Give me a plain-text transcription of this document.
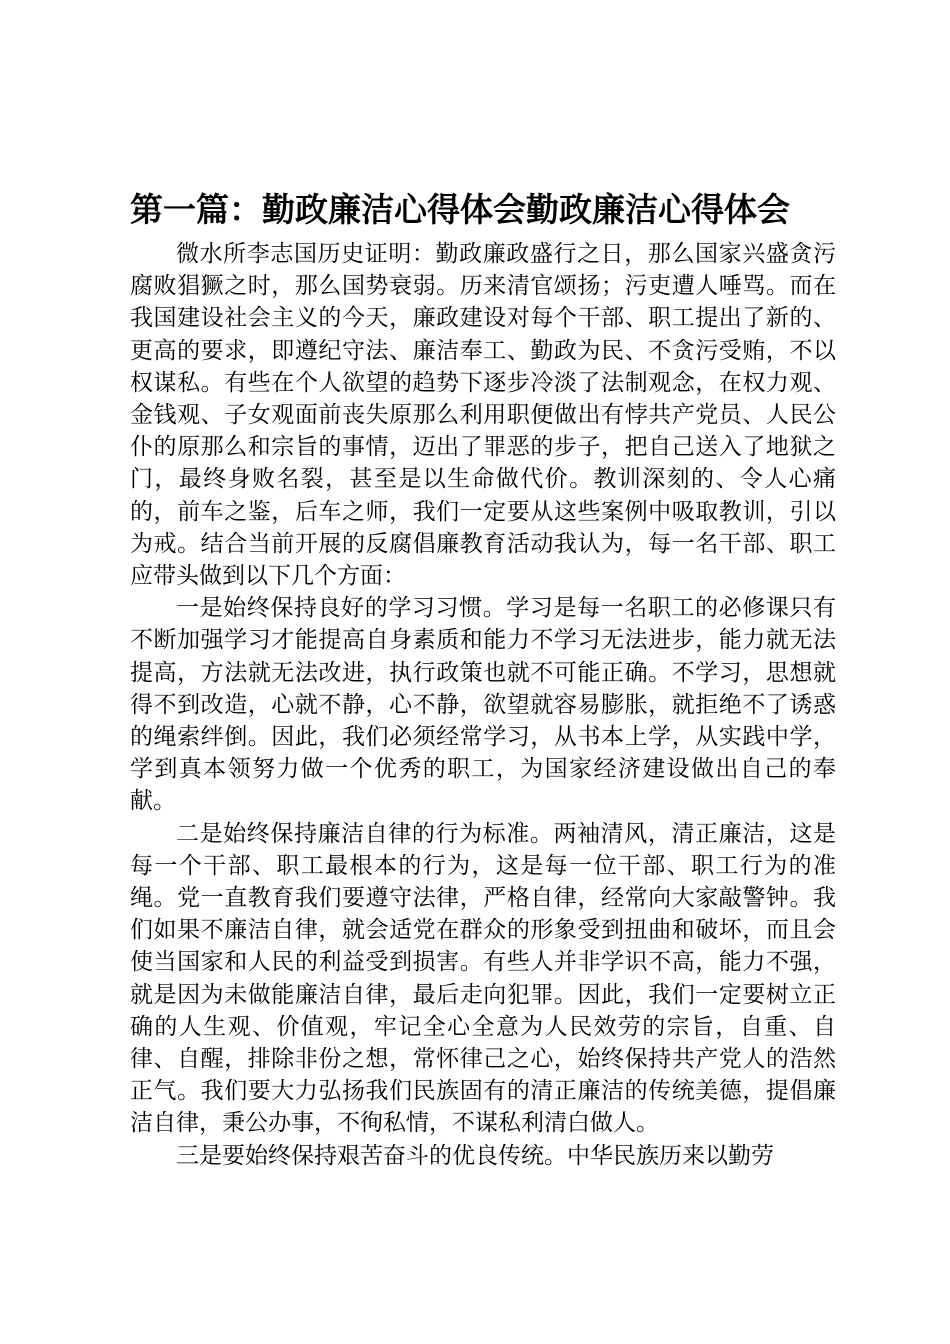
第一篇：勤政廉洁心得体会勤政廉洁心得体会

微水所李志国历史证明：勤政廉政盛行之日，那么国家兴盛贪污腐败猖獗之时，那么国势衰弱。历来清官颂扬；污吏遭人唾骂。而在我国建设社会主义的今天，廉政建设对每个干部、职工提出了新的、更高的要求，即遵纪守法、廉洁奉工、勤政为民、不贪污受贿，不以权谋私。有些在个人欲望的趋势下逐步冷淡了法制观念，在权力观、金钱观、子女观面前丧失原那么利用职便做出有悖共产党员、人民公仆的原那么和宗旨的事情，迈出了罪恶的步子，把自己送入了地狱之门，最终身败名裂，甚至是以生命做代价。教训深刻的、令人心痛的，前车之鉴，后车之师，我们一定要从这些案例中吸取教训，引以为戒。结合当前开展的反腐倡廉教育活动我认为，每一名干部、职工应带头做到以下几个方面：

一是始终保持良好的学习习惯。学习是每一名职工的必修课只有不断加强学习才能提高自身素质和能力不学习无法进步，能力就无法提高，方法就无法改进，执行政策也就不可能正确。不学习，思想就得不到改造，心就不静，心不静，欲望就容易膨胀，就拒绝不了诱惑的绳索绊倒。因此，我们必须经常学习，从书本上学，从实践中学，学到真本领努力做一个优秀的职工，为国家经济建设做出自己的奉献。

二是始终保持廉洁自律的行为标准。两袖清风，清正廉洁，这是每一个干部、职工最根本的行为，这是每一位干部、职工行为的准绳。党一直教育我们要遵守法律，严格自律，经常向大家敲警钟。我们如果不廉洁自律，就会适党在群众的形象受到扭曲和破坏，而且会使当国家和人民的利益受到损害。有些人并非学识不高，能力不强，就是因为未做能廉洁自律，最后走向犯罪。因此，我们一定要树立正确的人生观、价值观，牢记全心全意为人民效劳的宗旨，自重、自律、自醒，排除非份之想，常怀律己之心，始终保持共产党人的浩然正气。我们要大力弘扬我们民族固有的清正廉洁的传统美德，提倡廉洁自律，秉公办事，不徇私情，不谋私利清白做人。

三是要始终保持艰苦奋斗的优良传统。中华民族历来以勤劳
